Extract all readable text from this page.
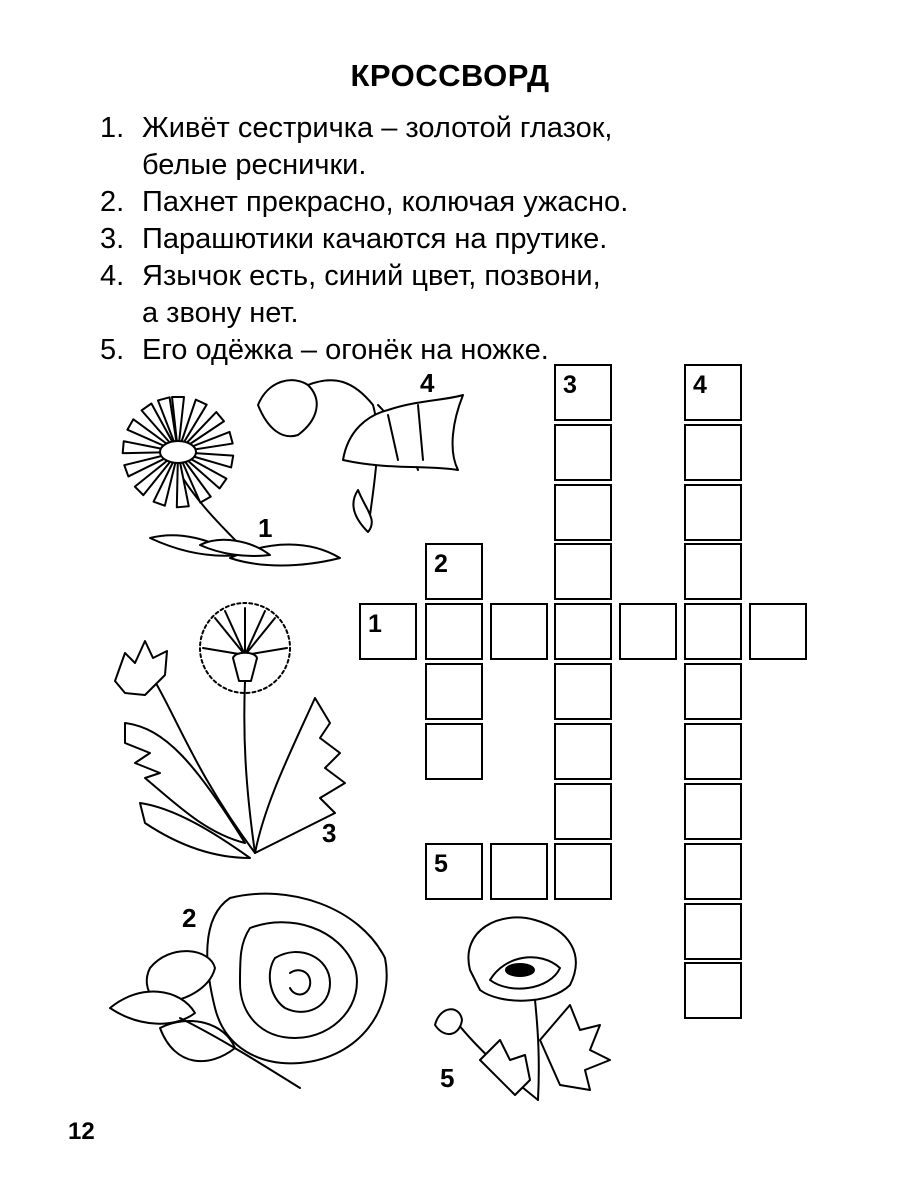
КРОССВОРД
1. Живёт сестричка – золотой глазок,
белые реснички.
2. Пахнет прекрасно, колючая ужасно.
3. Парашютики качаются на прутике.
4. Язычок есть, синий цвет, позвони,
а звону нет.
5. Его одёжка – огонёк на ножке.
1
2
3	4
5
1
4
3
2
5
12
